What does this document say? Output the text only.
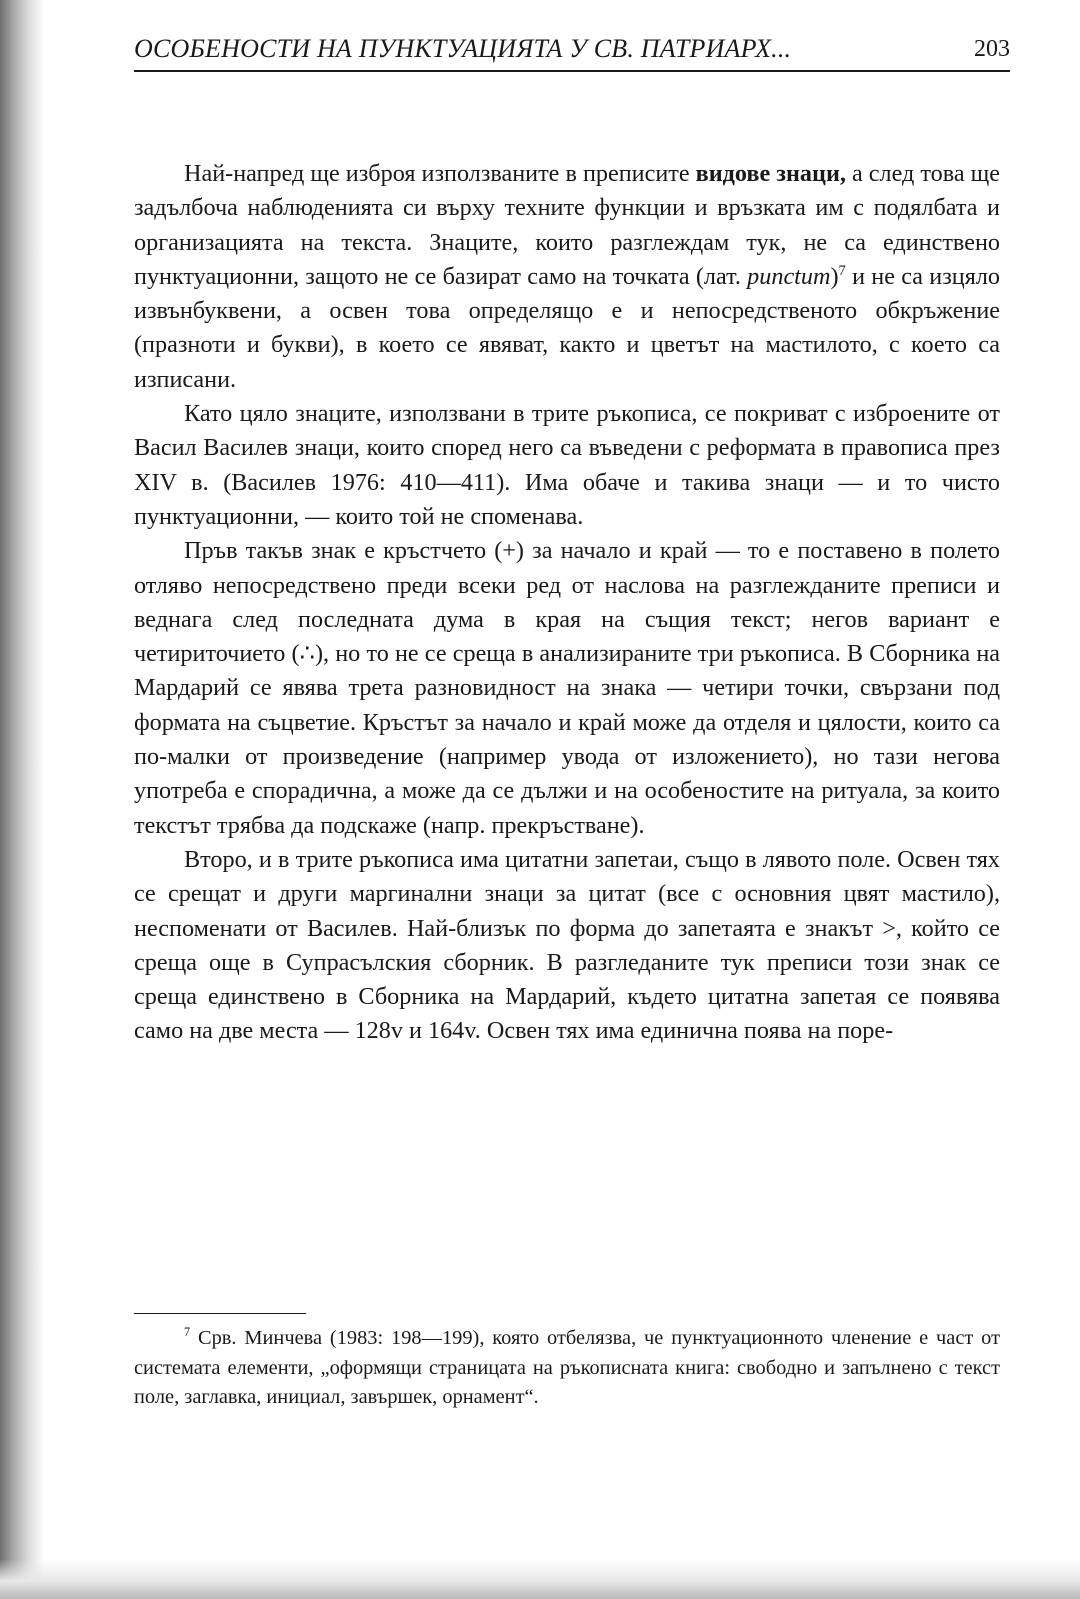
ОСОБЕНОСТИ НА ПУНКТУАЦИЯТА У СВ. ПАТРИАРХ...	203

Най-напред ще изброя използваните в преписите видове знаци, а след това ще задълбоча наблюденията си върху техните функции и връзката им с подялбата и организацията на текста. Знаците, които разглеждам тук, не са единствено пунктуационни, защото не се базират само на точката (лат. punctum)$^7$ и не са изцяло извънбуквени, а освен това определящо е и непосредственото обкръжение (празноти и букви), в което се явяват, както и цветът на мастилото, с което са изписани.

Като цяло знаците, използвани в трите ръкописа, се покриват с изброените от Васил Василев знаци, които според него са въведени с реформата в правописа през XIV в. (Василев 1976: 410—411). Има обаче и такива знаци — и то чисто пунктуационни, — които той не споменава.

Пръв такъв знак е кръстчето (+) за начало и край — то е поставено в полето отляво непосредствено преди всеки ред от наслова на разглежданите преписи и веднага след последната дума в края на същия текст; негов вариант е четириточието (∴), но то не се среща в анализираните три ръкописа. В Сборника на Мардарий се явява трета разновидност на знака — четири точки, свързани под формата на съцветие. Кръстът за начало и край може да отделя и цялости, които са по-малки от произведение (например увода от изложението), но тази негова употреба е спорадична, а може да се дължи и на особеностите на ритуала, за които текстът трябва да подскаже (напр. прекръстване).

Второ, и в трите ръкописа има цитатни запетаи, също в лявото поле. Освен тях се срещат и други маргинални знаци за цитат (все с основния цвят мастило), неспоменати от Василев. Най-близък по форма до запетаята е знакът >, който се среща още в Супрасълския сборник. В разгледаните тук преписи този знак се среща единствено в Сборника на Мардарий, където цитатна запетая се появява само на две места — 128v и 164v. Освен тях има единична поява на поре-

$^7$ Срв. Минчева (1983: 198—199), която отбелязва, че пунктуационното членение е част от системата елементи, „оформящи страницата на ръкописната книга: свободно и запълнено с текст поле, заглавка, инициал, завършек, орнамент“.
